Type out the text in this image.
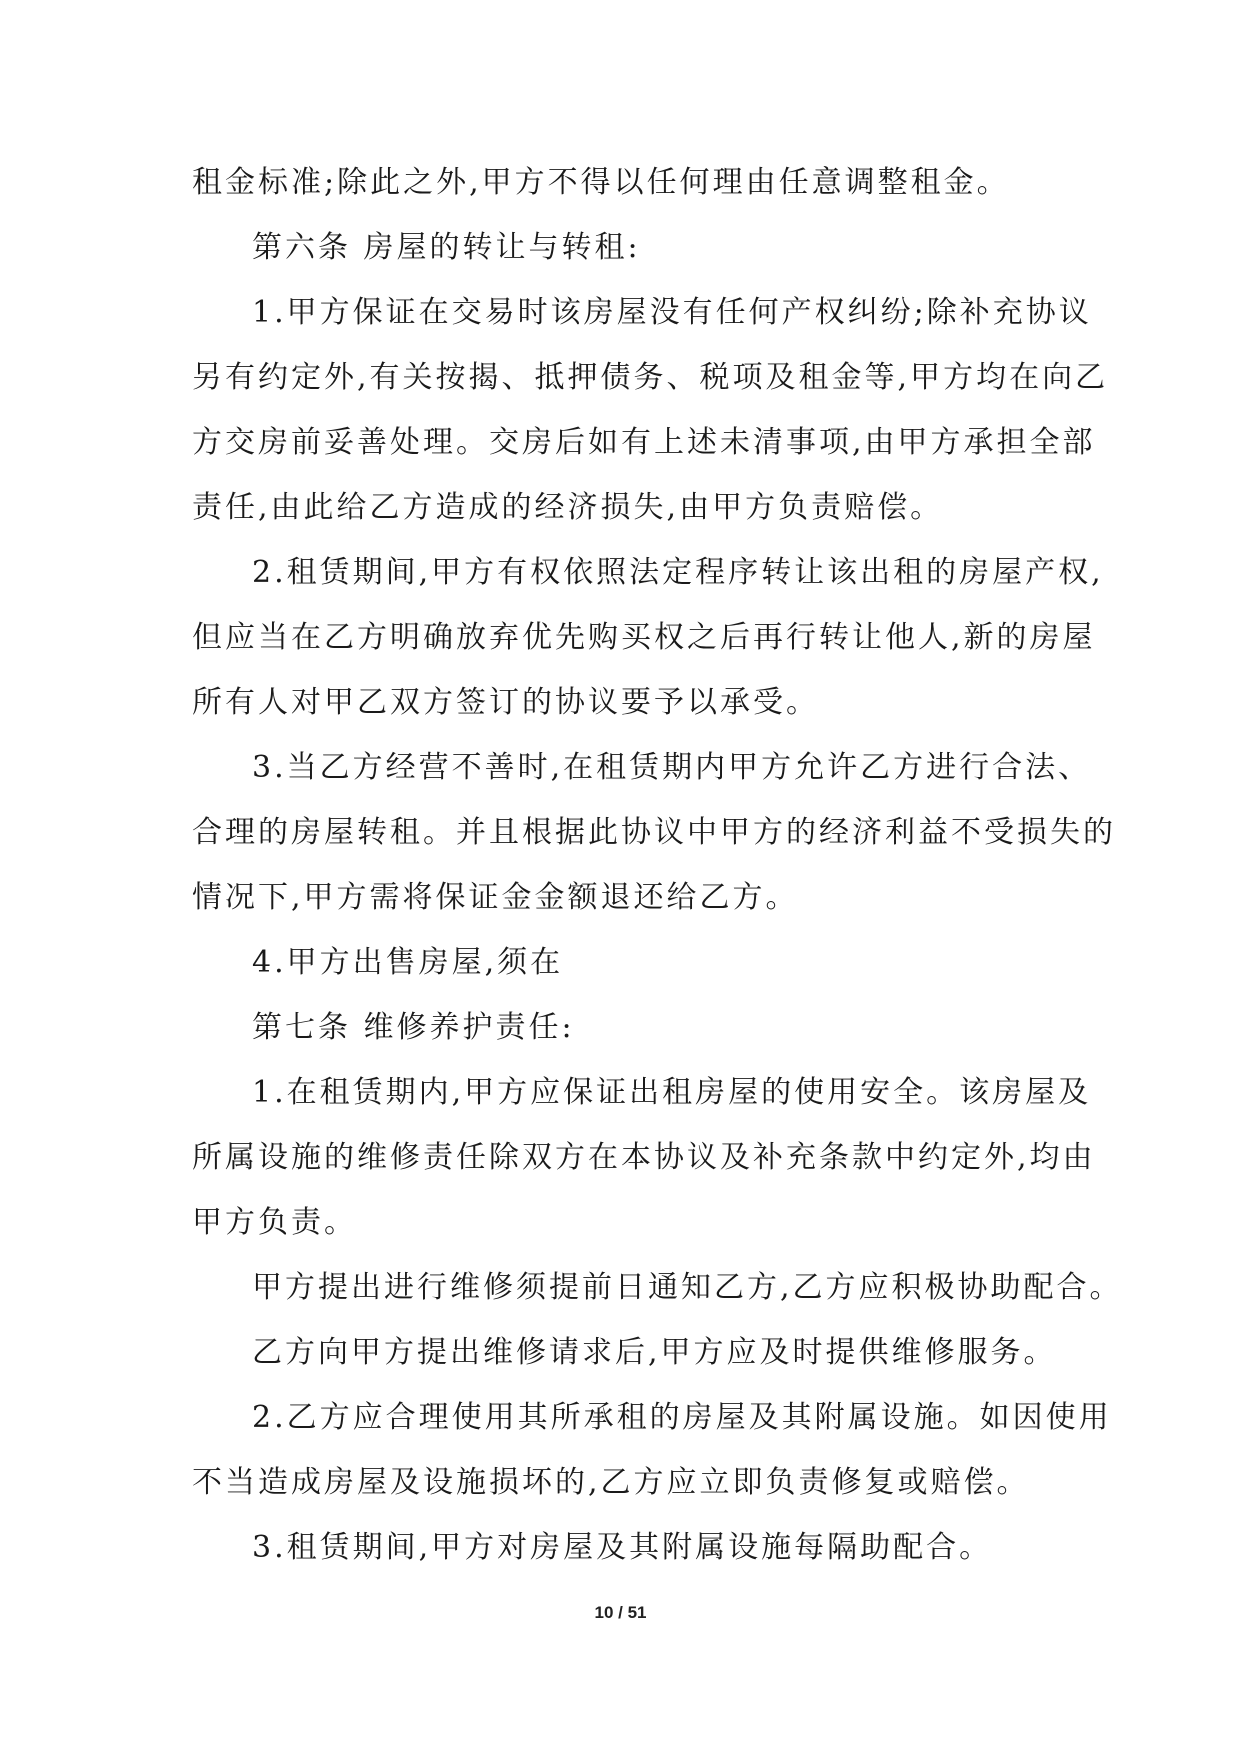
租金标准;除此之外,甲方不得以任何理由任意调整租金。

第六条 房屋的转让与转租:

1.甲方保证在交易时该房屋没有任何产权纠纷;除补充协议

另有约定外,有关按揭、抵押债务、税项及租金等,甲方均在向乙

方交房前妥善处理。交房后如有上述未清事项,由甲方承担全部

责任,由此给乙方造成的经济损失,由甲方负责赔偿。

2.租赁期间,甲方有权依照法定程序转让该出租的房屋产权,

但应当在乙方明确放弃优先购买权之后再行转让他人,新的房屋

所有人对甲乙双方签订的协议要予以承受。

3.当乙方经营不善时,在租赁期内甲方允许乙方进行合法、

合理的房屋转租。并且根据此协议中甲方的经济利益不受损失的

情况下,甲方需将保证金金额退还给乙方。

4.甲方出售房屋,须在

第七条 维修养护责任:

1.在租赁期内,甲方应保证出租房屋的使用安全。该房屋及

所属设施的维修责任除双方在本协议及补充条款中约定外,均由

甲方负责。

甲方提出进行维修须提前日通知乙方,乙方应积极协助配合。

乙方向甲方提出维修请求后,甲方应及时提供维修服务。

2.乙方应合理使用其所承租的房屋及其附属设施。如因使用

不当造成房屋及设施损坏的,乙方应立即负责修复或赔偿。

3.租赁期间,甲方对房屋及其附属设施每隔助配合。

10 / 51
